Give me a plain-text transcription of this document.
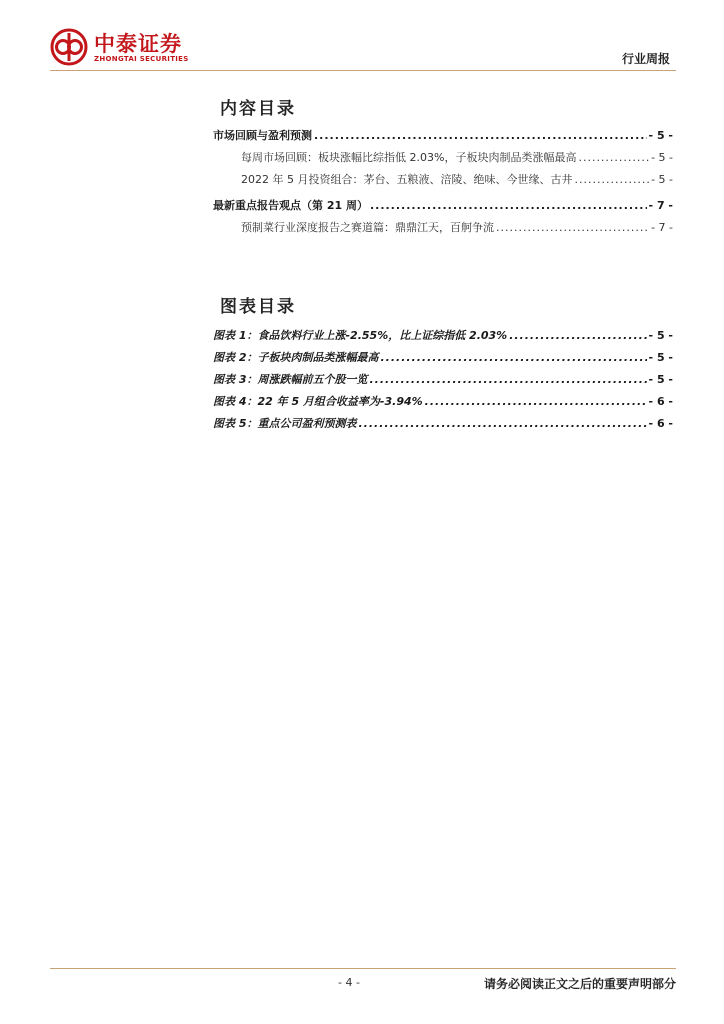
中泰证券
ZHONGTAI SECURITIES	行业周报
内容目录
市场回顾与盈利预测 .....	- 5 -
每周市场回顾：板块涨幅比综指低 2.03%，子板块肉制品类涨幅最高 .....	- 5 -
2022 年 5 月投资组合：茅台、五粮液、涪陵、绝味、今世缘、古井 .....	- 5 -
最新重点报告观点（第 21 周） .....	- 7 -
预制菜行业深度报告之赛道篇：鼎鼎江天，百舸争流 .....	- 7 -
图表目录
图表 1：食品饮料行业上涨-2.55%，比上证综指低 2.03% .....	- 5 -
图表 2：子板块肉制品类涨幅最高 .....	- 5 -
图表 3：周涨跌幅前五个股一览 .....	- 5 -
图表 4：22 年 5 月组合收益率为-3.94% .....	- 6 -
图表 5：重点公司盈利预测表 .....	- 6 -
- 4 -	请务必阅读正文之后的重要声明部分
